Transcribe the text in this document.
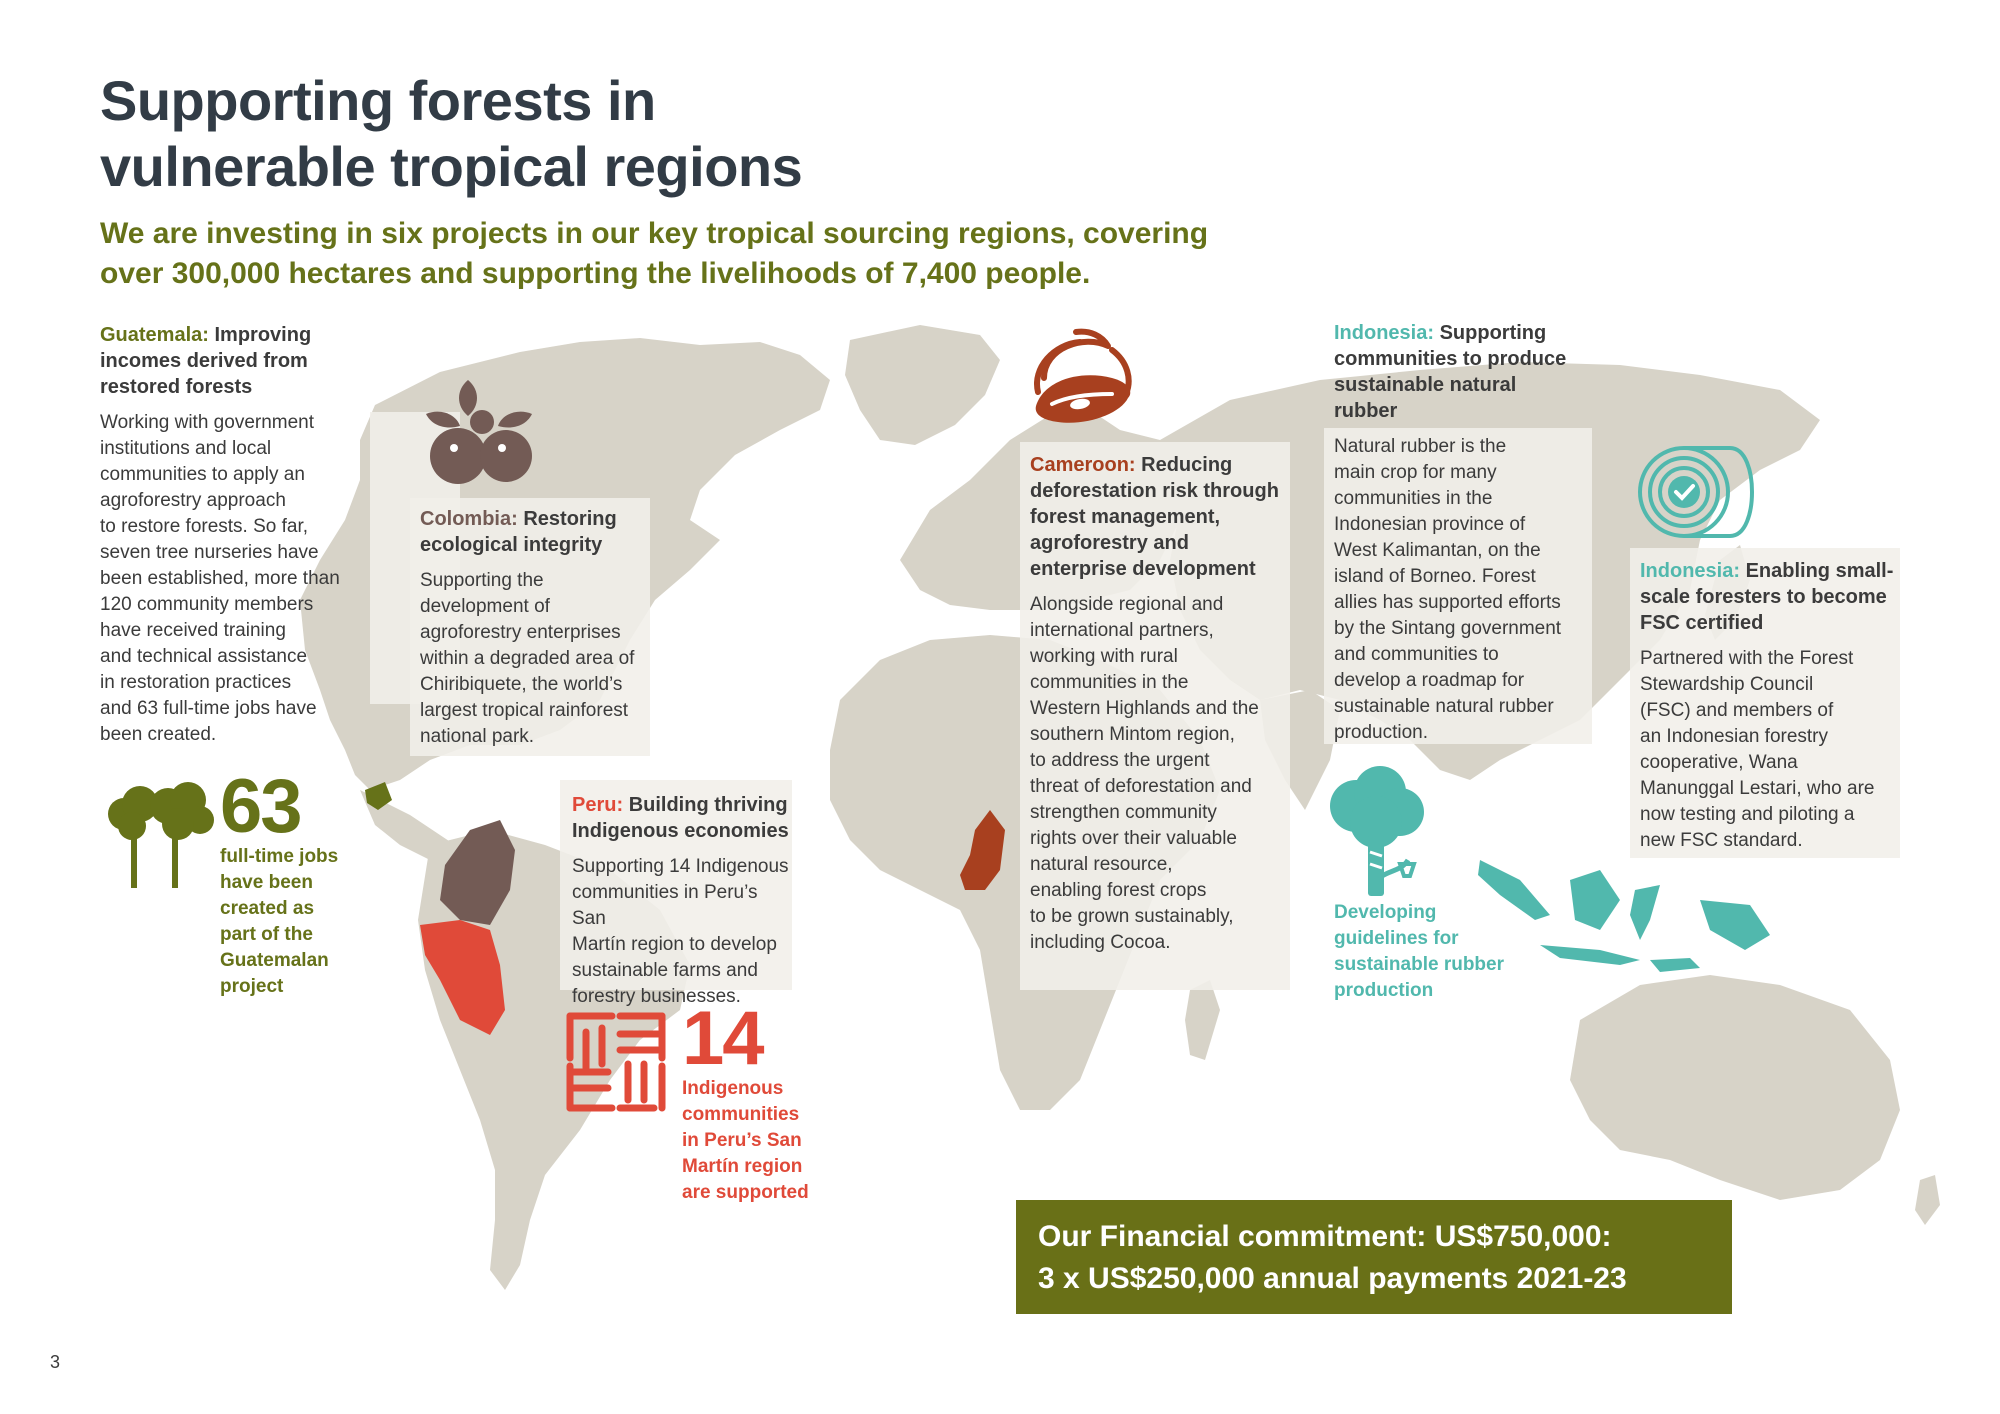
Supporting forests in
vulnerable tropical regions
We are investing in six projects in our key tropical sourcing regions, covering
over 300,000 hectares and supporting the livelihoods of 7,400 people.
Guatemala: Improving incomes derived from restored forests
Working with government
institutions and local
communities to apply an
agroforestry approach
to restore forests. So far,
seven tree nurseries have
been established, more than
120 community members
have received training
and technical assistance
in restoration practices
and 63 full-time jobs have
been created.
63
full-time jobs
have been
created as
part of the
Guatemalan
project
Colombia: Restoring ecological integrity
Supporting the
development of
agroforestry enterprises
within a degraded area of
Chiribiquete, the world’s
largest tropical rainforest
national park.
Peru: Building thriving Indigenous economies
Supporting 14 Indigenous
communities in Peru’s San
Martín region to develop
sustainable farms and
forestry businesses.
14
Indigenous
communities
in Peru’s San
Martín region
are supported
Cameroon: Reducing deforestation risk through forest management, agroforestry and enterprise development
Alongside regional and
international partners,
working with rural
communities in the
Western Highlands and the
southern Mintom region,
to address the urgent
threat of deforestation and
strengthen community
rights over their valuable
natural resource,
enabling forest crops
to be grown sustainably,
including Cocoa.
Indonesia: Supporting communities to produce sustainable natural rubber
Natural rubber is the
main crop for many
communities in the
Indonesian province of
West Kalimantan, on the
island of Borneo. Forest
allies has supported efforts
by the Sintang government
and communities to
develop a roadmap for
sustainable natural rubber
production.
Developing
guidelines for
sustainable rubber
production
Indonesia: Enabling small-scale foresters to become FSC certified
Partnered with the Forest
Stewardship Council
(FSC) and members of
an Indonesian forestry
cooperative, Wana
Manunggal Lestari, who are
now testing and piloting a
new FSC standard.
Our Financial commitment: US$750,000:
3 x US$250,000 annual payments 2021-23
3
